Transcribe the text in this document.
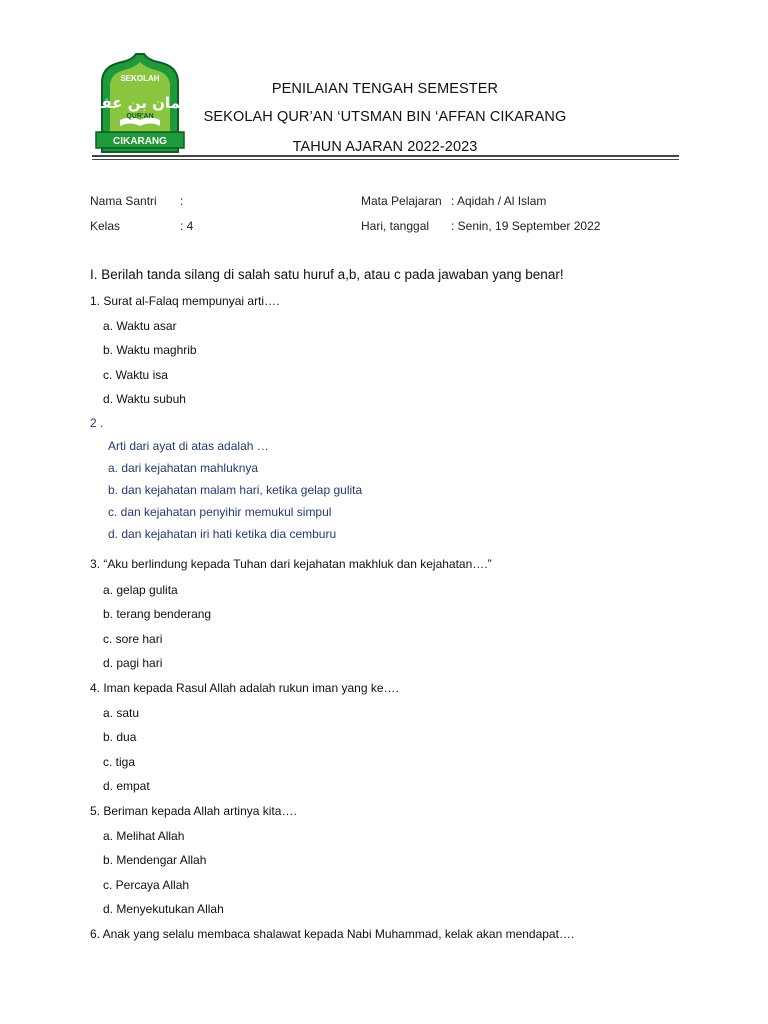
SEKOLAH
عثمان بن عفان
QUR'AN
CIKARANG
PENILAIAN TENGAH SEMESTER
SEKOLAH QUR’AN ‘UTSMAN BIN ‘AFFAN CIKARANG
TAHUN AJARAN 2022-2023
Nama Santri :
Kelas	: 4
Mata Pelajaran : Aqidah / Al Islam
Hari, tanggal : Senin, 19 September 2022
I. Berilah tanda silang di salah satu huruf a,b, atau c pada jawaban yang benar!
1. Surat al-Falaq mempunyai arti….
a. Waktu asar
b. Waktu maghrib
c. Waktu isa
d. Waktu subuh
2 .
Arti dari ayat di atas adalah …
a. dari kejahatan mahluknya
b. dan kejahatan malam hari, ketika gelap gulita
c. dan kejahatan penyihir memukul simpul
d. dan kejahatan iri hati ketika dia cemburu
3. “Aku berlindung kepada Tuhan dari kejahatan makhluk dan kejahatan….”
a. gelap gulita
b. terang benderang
c. sore hari
d. pagi hari
4. Iman kepada Rasul Allah adalah rukun iman yang ke….
a. satu
b. dua
c. tiga
d. empat
5. Beriman kepada Allah artinya kita….
a. Melihat Allah
b. Mendengar Allah
c. Percaya Allah
d. Menyekutukan Allah
6. Anak yang selalu membaca shalawat kepada Nabi Muhammad, kelak akan mendapat….
